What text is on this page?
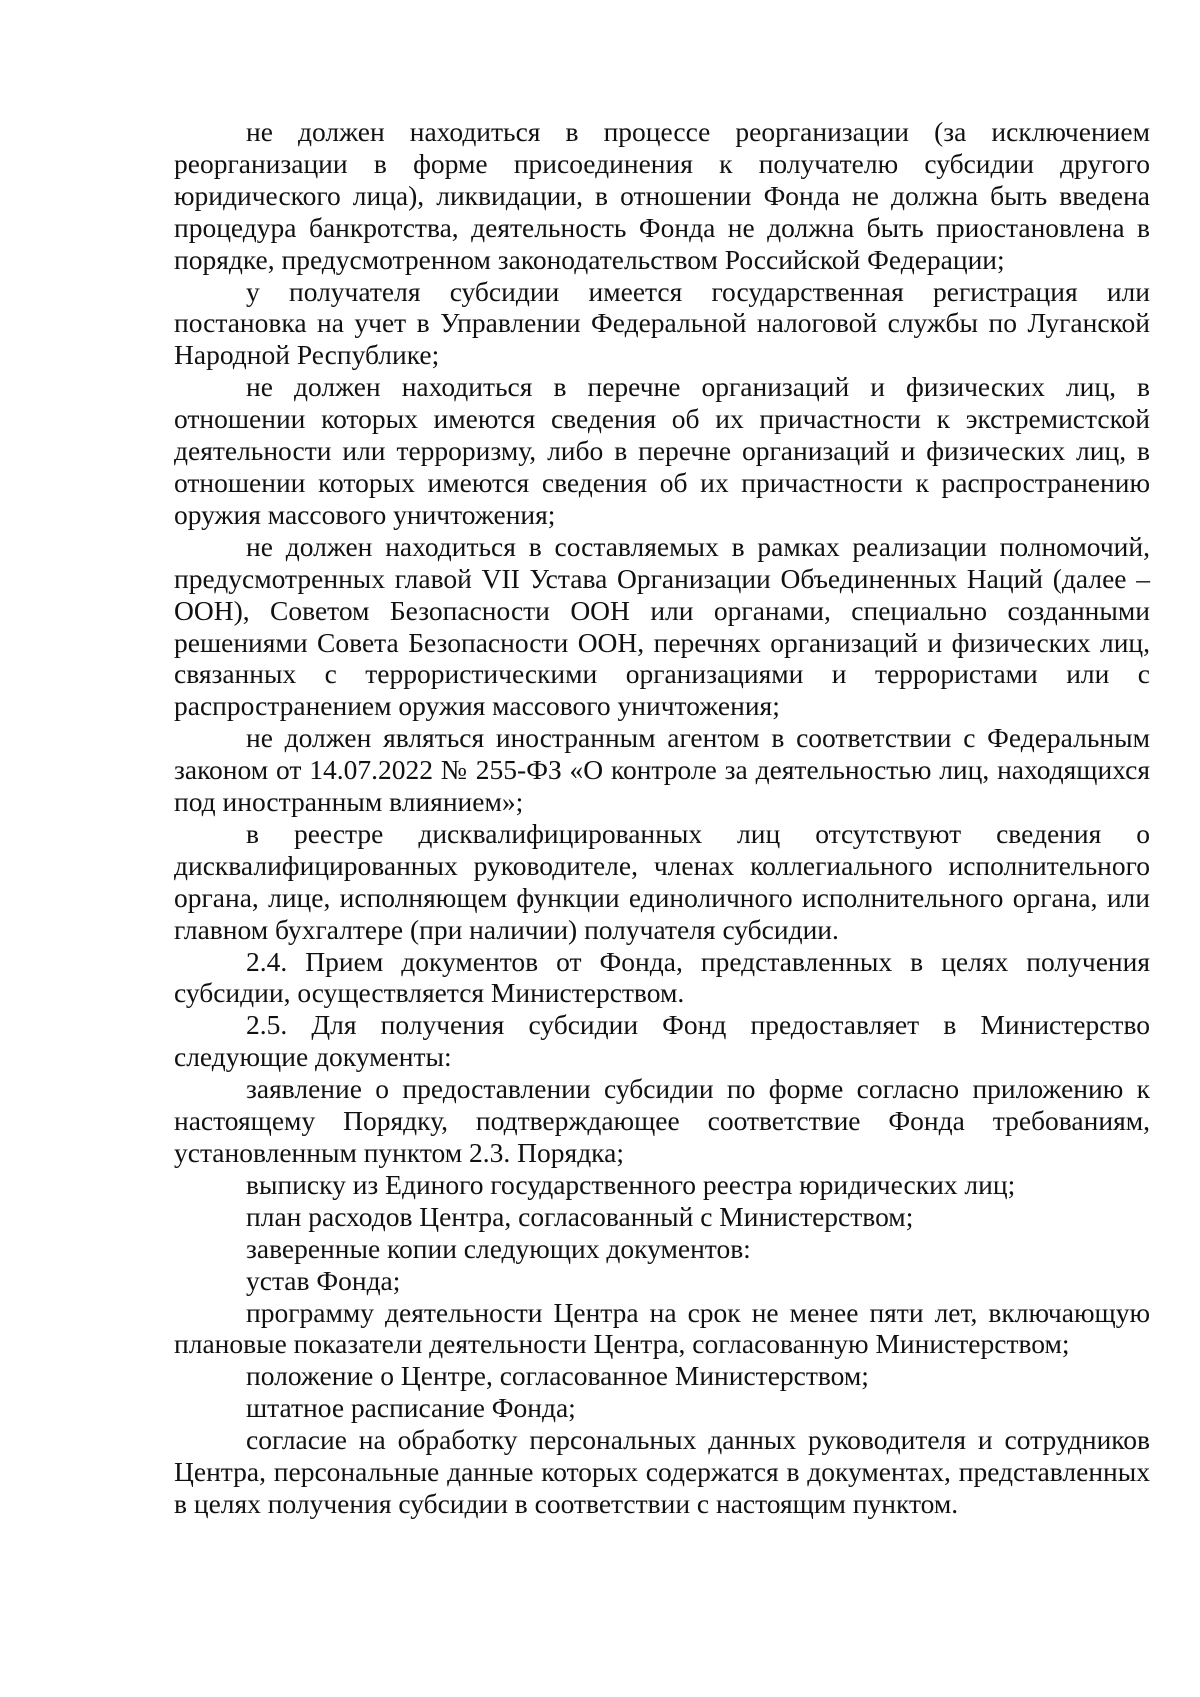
не должен находиться в процессе реорганизации (за исключением реорганизации в форме присоединения к получателю субсидии другого юридического лица), ликвидации, в отношении Фонда не должна быть введена процедура банкротства, деятельность Фонда не должна быть приостановлена в порядке, предусмотренном законодательством Российской Федерации;

у получателя субсидии имеется государственная регистрация или постановка на учет в Управлении Федеральной налоговой службы по Луганской Народной Республике;

не должен находиться в перечне организаций и физических лиц, в отношении которых имеются сведения об их причастности к экстремистской деятельности или терроризму, либо в перечне организаций и физических лиц, в отношении которых имеются сведения об их причастности к распространению оружия массового уничтожения;

не должен находиться в составляемых в рамках реализации полномочий, предусмотренных главой VII Устава Организации Объединенных Наций (далее – ООН), Советом Безопасности ООН или органами, специально созданными решениями Совета Безопасности ООН, перечнях организаций и физических лиц, связанных с террористическими организациями и террористами или с распространением оружия массового уничтожения;

не должен являться иностранным агентом в соответствии с Федеральным законом от 14.07.2022 № 255-ФЗ «О контроле за деятельностью лиц, находящихся под иностранным влиянием»;

в реестре дисквалифицированных лиц отсутствуют сведения о дисквалифицированных руководителе, членах коллегиального исполнительного органа, лице, исполняющем функции единоличного исполнительного органа, или главном бухгалтере (при наличии) получателя субсидии.

2.4. Прием документов от Фонда, представленных в целях получения субсидии, осуществляется Министерством.

2.5. Для получения субсидии Фонд предоставляет в Министерство следующие документы:

заявление о предоставлении субсидии по форме согласно приложению к настоящему Порядку, подтверждающее соответствие Фонда требованиям, установленным пунктом 2.3. Порядка;

выписку из Единого государственного реестра юридических лиц;

план расходов Центра, согласованный с Министерством;

заверенные копии следующих документов:

устав Фонда;

программу деятельности Центра на срок не менее пяти лет, включающую плановые показатели деятельности Центра, согласованную Министерством;

положение о Центре, согласованное Министерством;

штатное расписание Фонда;

согласие на обработку персональных данных руководителя и сотрудников Центра, персональные данные которых содержатся в документах, представленных в целях получения субсидии в соответствии с настоящим пунктом.
